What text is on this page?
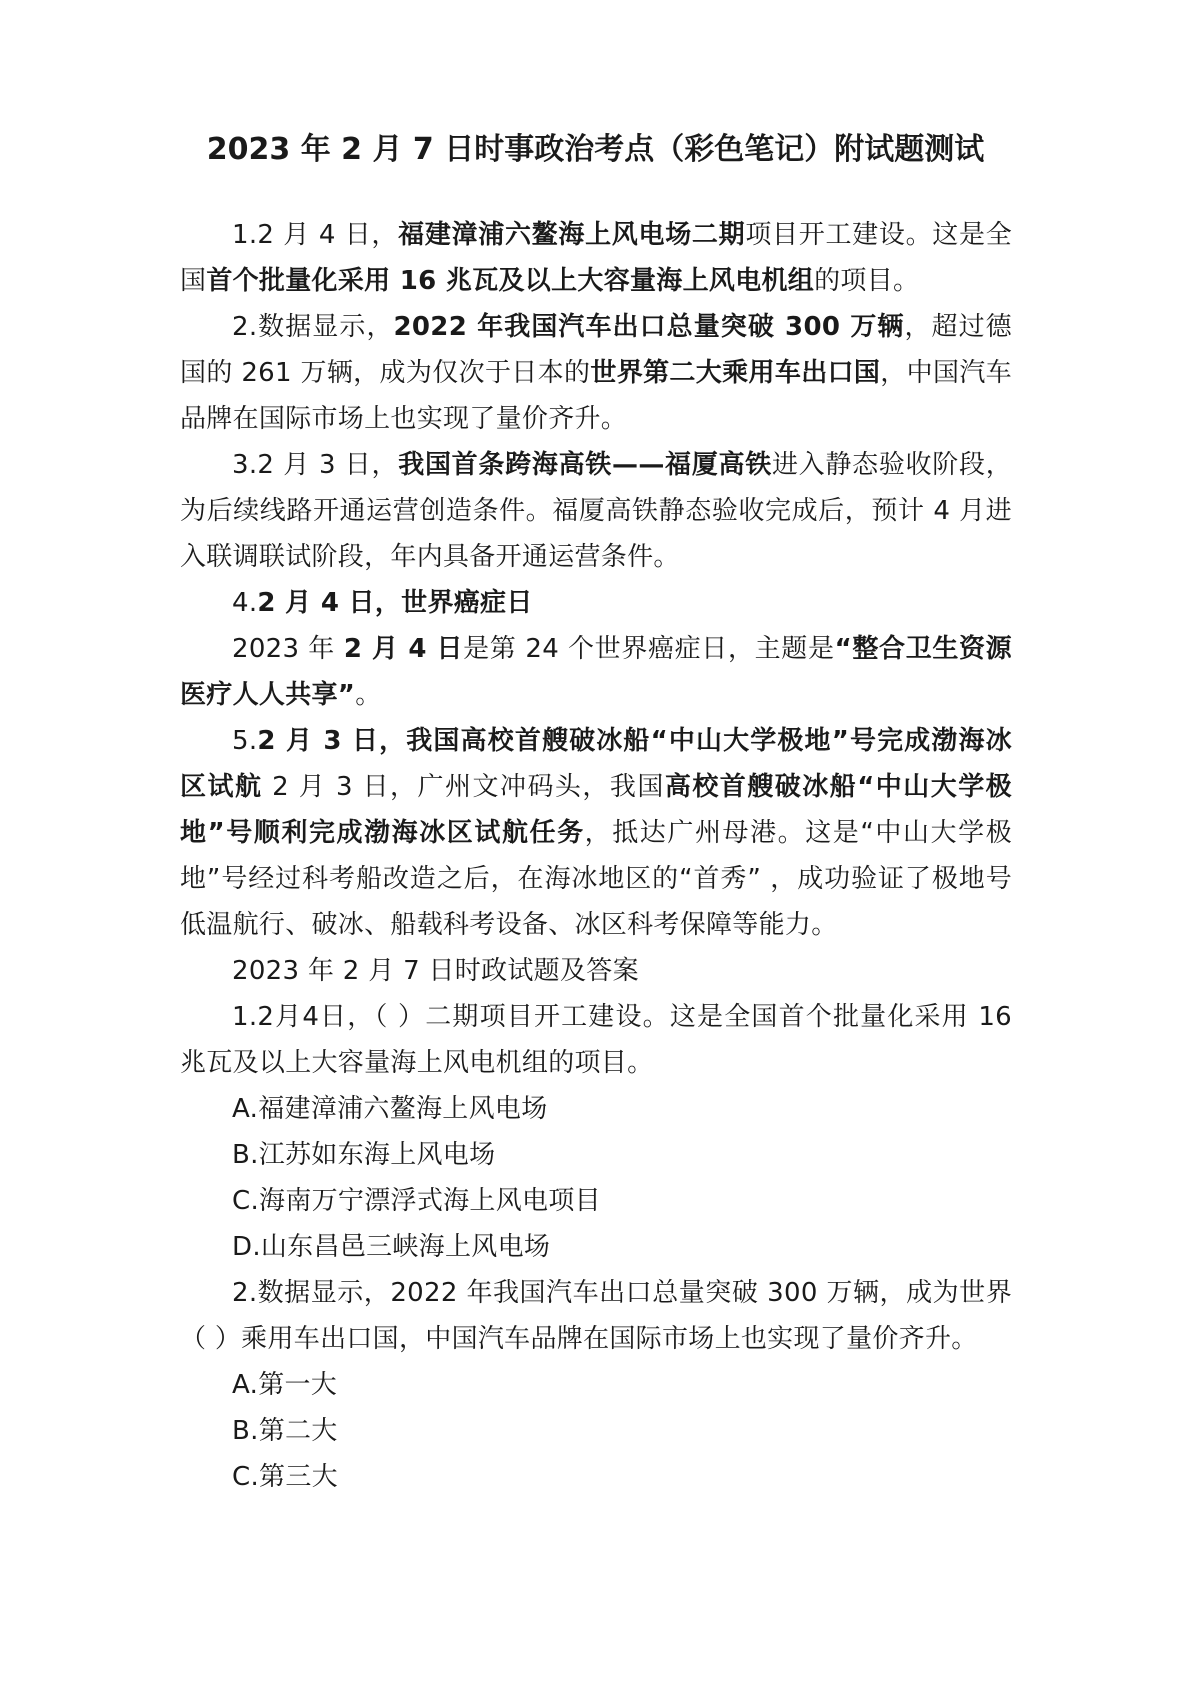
2023 年 2 月 7 日时事政治考点（彩色笔记）附试题测试

1.2 月 4 日，福建漳浦六鳌海上风电场二期项目开工建设。这是全国首个批量化采用 16 兆瓦及以上大容量海上风电机组的项目。

2.数据显示，2022 年我国汽车出口总量突破 300 万辆，超过德国的 261 万辆，成为仅次于日本的世界第二大乘用车出口国，中国汽车品牌在国际市场上也实现了量价齐升。

3.2 月 3 日，我国首条跨海高铁——福厦高铁进入静态验收阶段，为后续线路开通运营创造条件。福厦高铁静态验收完成后，预计 4 月进入联调联试阶段，年内具备开通运营条件。

4.2 月 4 日，世界癌症日

2023 年 2 月 4 日是第 24 个世界癌症日，主题是“整合卫生资源 医疗人人共享”。

5.2 月 3 日，我国高校首艘破冰船“中山大学极地”号完成渤海冰区试航 2 月 3 日，广州文冲码头，我国高校首艘破冰船“中山大学极地”号顺利完成渤海冰区试航任务，抵达广州母港。这是“中山大学极地”号经过科考船改造之后，在海冰地区的“首秀” ，成功验证了极地号低温航行、破冰、船载科考设备、冰区科考保障等能力。

2023 年 2 月 7 日时政试题及答案

1.2月4日，（ ）二期项目开工建设。这是全国首个批量化采用 16 兆瓦及以上大容量海上风电机组的项目。

A.福建漳浦六鳌海上风电场

B.江苏如东海上风电场

C.海南万宁漂浮式海上风电项目

D.山东昌邑三峡海上风电场

2.数据显示，2022 年我国汽车出口总量突破 300 万辆，成为世界（ ）乘用车出口国，中国汽车品牌在国际市场上也实现了量价齐升。

A.第一大

B.第二大

C.第三大
